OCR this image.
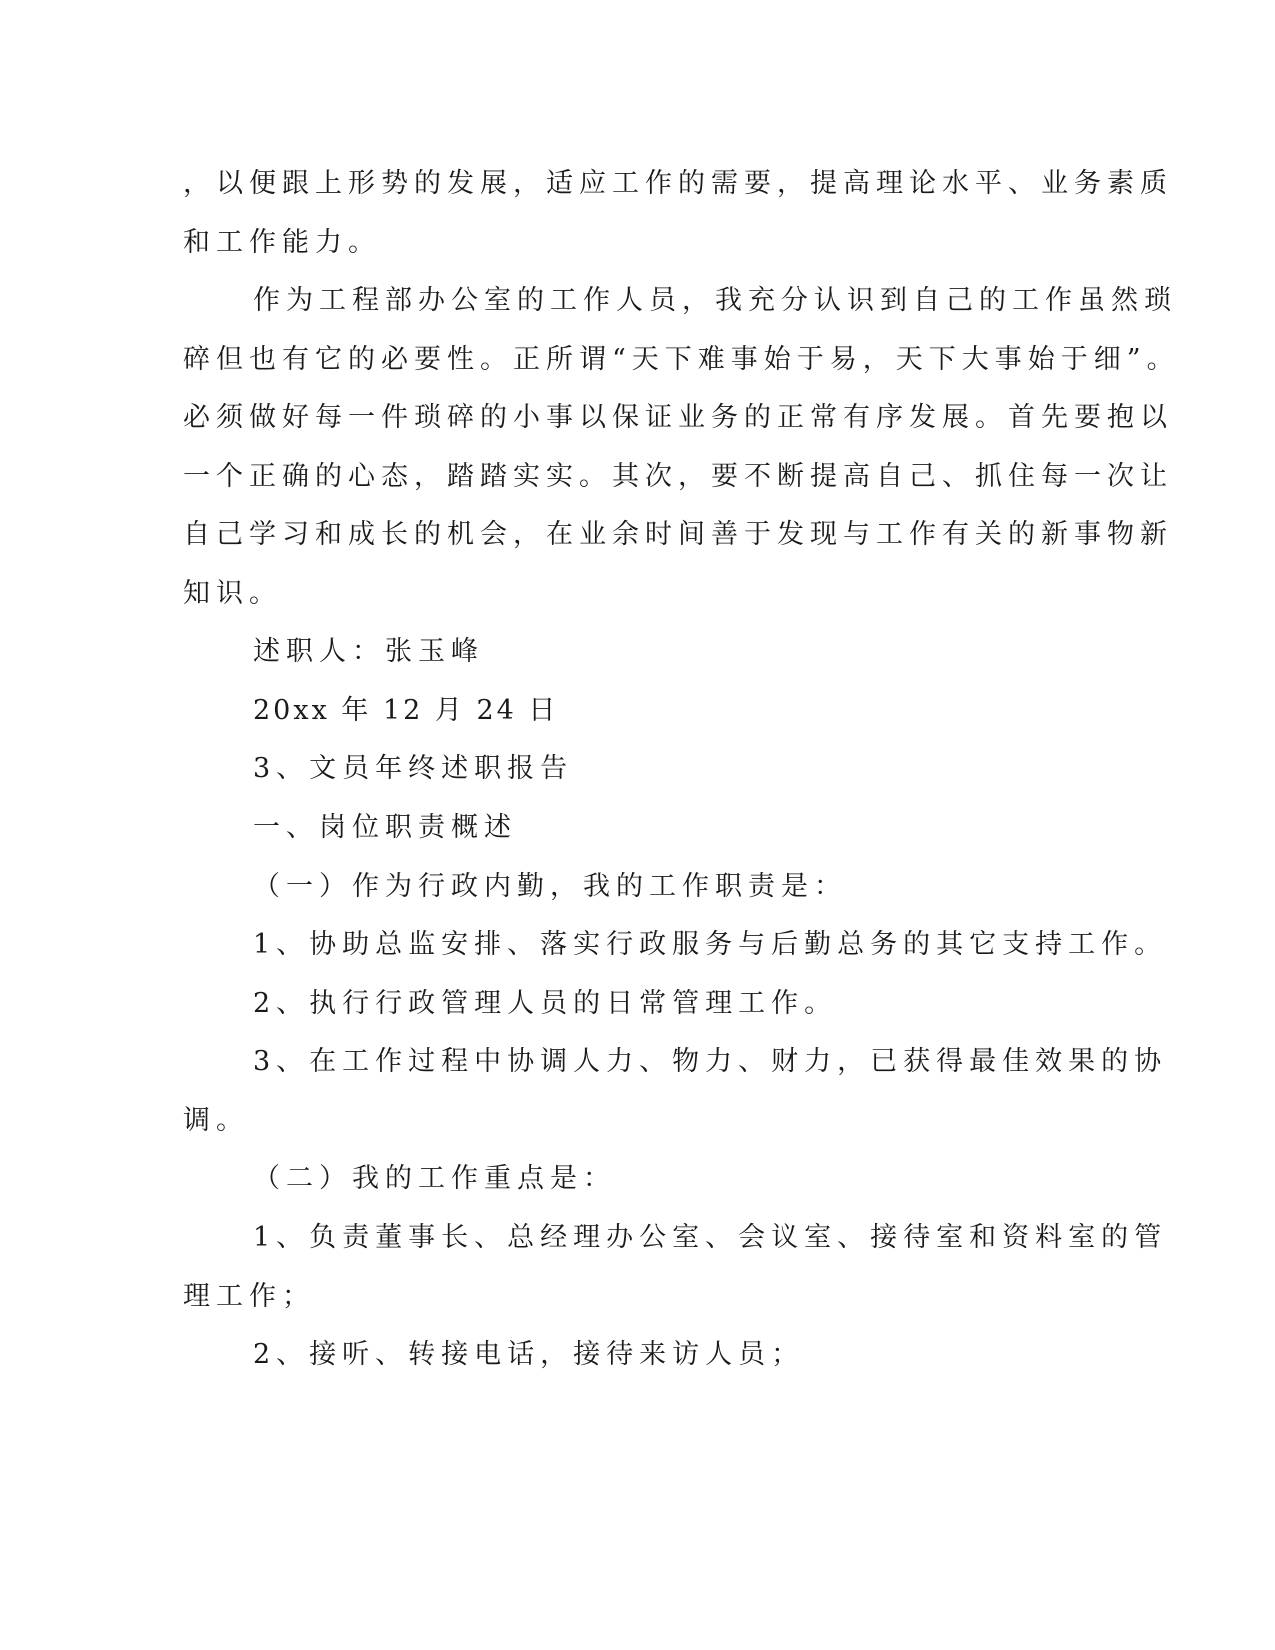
，以便跟上形势的发展，适应工作的需要，提高理论水平、业务素质
和工作能力。
作为工程部办公室的工作人员，我充分认识到自己的工作虽然琐
碎但也有它的必要性。正所谓“天下难事始于易，天下大事始于细”。
必须做好每一件琐碎的小事以保证业务的正常有序发展。首先要抱以
一个正确的心态，踏踏实实。其次，要不断提高自己、抓住每一次让
自己学习和成长的机会，在业余时间善于发现与工作有关的新事物新
知识。
述职人：张玉峰
20xx 年 12 月 24 日
3、文员年终述职报告
一、岗位职责概述
（一）作为行政内勤，我的工作职责是：
1、协助总监安排、落实行政服务与后勤总务的其它支持工作。
2、执行行政管理人员的日常管理工作。
3、在工作过程中协调人力、物力、财力，已获得最佳效果的协
调。
（二）我的工作重点是：
1、负责董事长、总经理办公室、会议室、接待室和资料室的管
理工作；
2、接听、转接电话，接待来访人员；
